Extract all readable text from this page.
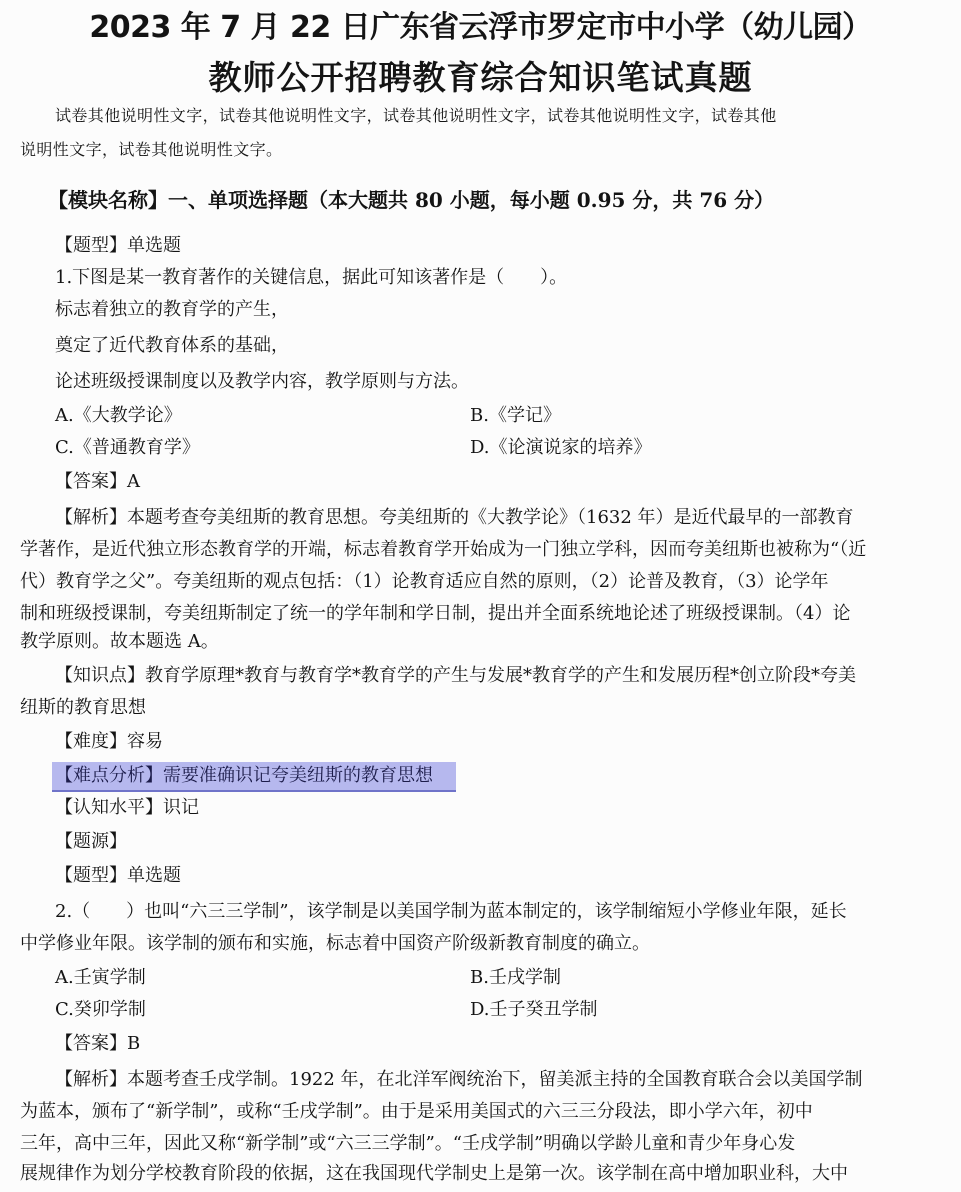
2023 年 7 月 22 日广东省云浮市罗定市中小学（幼儿园）
教师公开招聘教育综合知识笔试真题
试卷其他说明性文字，试卷其他说明性文字，试卷其他说明性文字，试卷其他说明性文字，试卷其他
说明性文字，试卷其他说明性文字。
【模块名称】一、单项选择题（本大题共 80 小题，每小题 0.95 分，共 76 分）
【题型】单选题
1.下图是某一教育著作的关键信息，据此可知该著作是（　　）。
标志着独立的教育学的产生，
奠定了近代教育体系的基础，
论述班级授课制度以及教学内容，教学原则与方法。
A.《大教学论》	B.《学记》
C.《普通教育学》	D.《论演说家的培养》
【答案】A
【解析】本题考查夸美纽斯的教育思想。夸美纽斯的《大教学论》（1632 年）是近代最早的一部教育
学著作，是近代独立形态教育学的开端，标志着教育学开始成为一门独立学科，因而夸美纽斯也被称为“（近
代）教育学之父”。夸美纽斯的观点包括：（1）论教育适应自然的原则，（2）论普及教育，（3）论学年
制和班级授课制，夸美纽斯制定了统一的学年制和学日制，提出并全面系统地论述了班级授课制。（4）论
教学原则。故本题选 A。
【知识点】教育学原理*教育与教育学*教育学的产生与发展*教育学的产生和发展历程*创立阶段*夸美
纽斯的教育思想
【难度】容易
【难点分析】需要准确识记夸美纽斯的教育思想
【认知水平】识记
【题源】
【题型】单选题
2.（　　）也叫“六三三学制”，该学制是以美国学制为蓝本制定的，该学制缩短小学修业年限，延长
中学修业年限。该学制的颁布和实施，标志着中国资产阶级新教育制度的确立。
A.壬寅学制	B.壬戌学制
C.癸卯学制	D.壬子癸丑学制
【答案】B
【解析】本题考查壬戌学制。1922 年，在北洋军阀统治下，留美派主持的全国教育联合会以美国学制
为蓝本，颁布了“新学制”，或称“壬戌学制”。由于是采用美国式的六三三分段法，即小学六年，初中
三年，高中三年，因此又称“新学制”或“六三三学制”。“壬戌学制”明确以学龄儿童和青少年身心发
展规律作为划分学校教育阶段的依据，这在我国现代学制史上是第一次。该学制在高中增加职业科，大中
